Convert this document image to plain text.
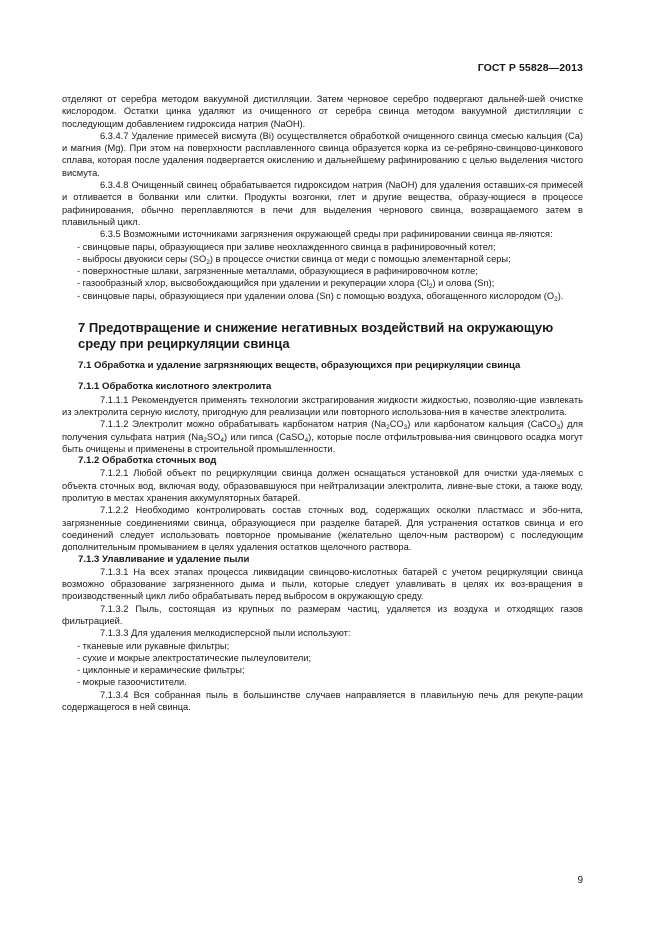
ГОСТ Р 55828—2013

отделяют от серебра методом вакуумной дистилляции. Затем черновое серебро подвергают дальней-шей очистке кислородом. Остатки цинка удаляют из очищенного от серебра свинца методом вакуумной дистилляции с последующим добавлением гидроксида натрия (NaOH).

6.3.4.7 Удаление примесей висмута (Bi) осуществляется обработкой очищенного свинца смесью кальция (Ca) и магния (Mg). При этом на поверхности расплавленного свинца образуется корка из се-ребряно-свинцово-цинкового сплава, которая после удаления подвергается окислению и дальнейшему рафинированию с целью выделения чистого висмута.

6.3.4.8 Очищенный свинец обрабатывается гидроксидом натрия (NaOH) для удаления оставших-ся примесей и отливается в болванки или слитки. Продукты возгонки, глет и другие вещества, образу-ющиеся в процессе рафинирования, обычно переплавляются в печи для выделения чернового свинца, возвращаемого затем в плавильный цикл.

6.3.5 Возможными источниками загрязнения окружающей среды при рафинировании свинца яв-ляются:

- свинцовые пары, образующиеся при заливе неохлажденного свинца в рафинировочный котел;

- выбросы двуокиси серы $(SO_2)$ в процессе очистки свинца от меди с помощью элементарной серы;

- поверхностные шлаки, загрязненные металлами, образующиеся в рафинировочном котле;

- газообразный хлор, высвобождающийся при удалении и рекуперации хлора $(Cl_2)$ и олова (Sn);

- свинцовые пары, образующиеся при удалении олова (Sn) с помощью воздуха, обогащенного кислородом $(O_2)$.

7 Предотвращение и снижение негативных воздействий на окружающую среду при рециркуляции свинца
7.1 Обработка и удаление загрязняющих веществ, образующихся при рециркуляции свинца
7.1.1 Обработка кислотного электролита

7.1.1.1 Рекомендуется применять технологии экстрагирования жидкости жидкостью, позволяю-щие извлекать из электролита серную кислоту, пригодную для реализации или повторного использова-ния в качестве электролита.

7.1.1.2 Электролит можно обрабатывать карбонатом натрия $(Na_2CO_3)$ или карбонатом кальция (CaCO$_3$) для получения сульфата натрия $(Na_2SO_4)$ или гипса (CaSO$_4$), которые после отфильтровыва-ния свинцового осадка могут быть очищены и применены в строительной промышленности.

7.1.2 Обработка сточных вод

7.1.2.1 Любой объект по рециркуляции свинца должен оснащаться установкой для очистки уда-ляемых с объекта сточных вод, включая воду, образовавшуюся при нейтрализации электролита, ливне-вые стоки, а также воду, пролитую в местах хранения аккумуляторных батарей.

7.1.2.2 Необходимо контролировать состав сточных вод, содержащих осколки пластмасс и эбо-нита, загрязненные соединениями свинца, образующиеся при разделке батарей. Для устранения остатков свинца и его соединений следует использовать повторное промывание (желательно щелоч-ным раствором) с последующим дополнительным промыванием в целях удаления остатков щелочного раствора.

7.1.3 Улавливание и удаление пыли

7.1.3.1 На всех этапах процесса ликвидации свинцово-кислотных батарей с учетом рециркуляции свинца возможно образование загрязненного дыма и пыли, которые следует улавливать в целях их воз-вращения в производственный цикл либо обрабатывать перед выбросом в окружающую среду.

7.1.3.2 Пыль, состоящая из крупных по размерам частиц, удаляется из воздуха и отходящих газов фильтрацией.

7.1.3.3 Для удаления мелкодисперсной пыли используют:

- тканевые или рукавные фильтры;

- сухие и мокрые электростатические пылеуловители;

- циклонные и керамические фильтры;

- мокрые газоочистители.

7.1.3.4 Вся собранная пыль в большинстве случаев направляется в плавильную печь для рекупе-рации содержащегося в ней свинца.

9
